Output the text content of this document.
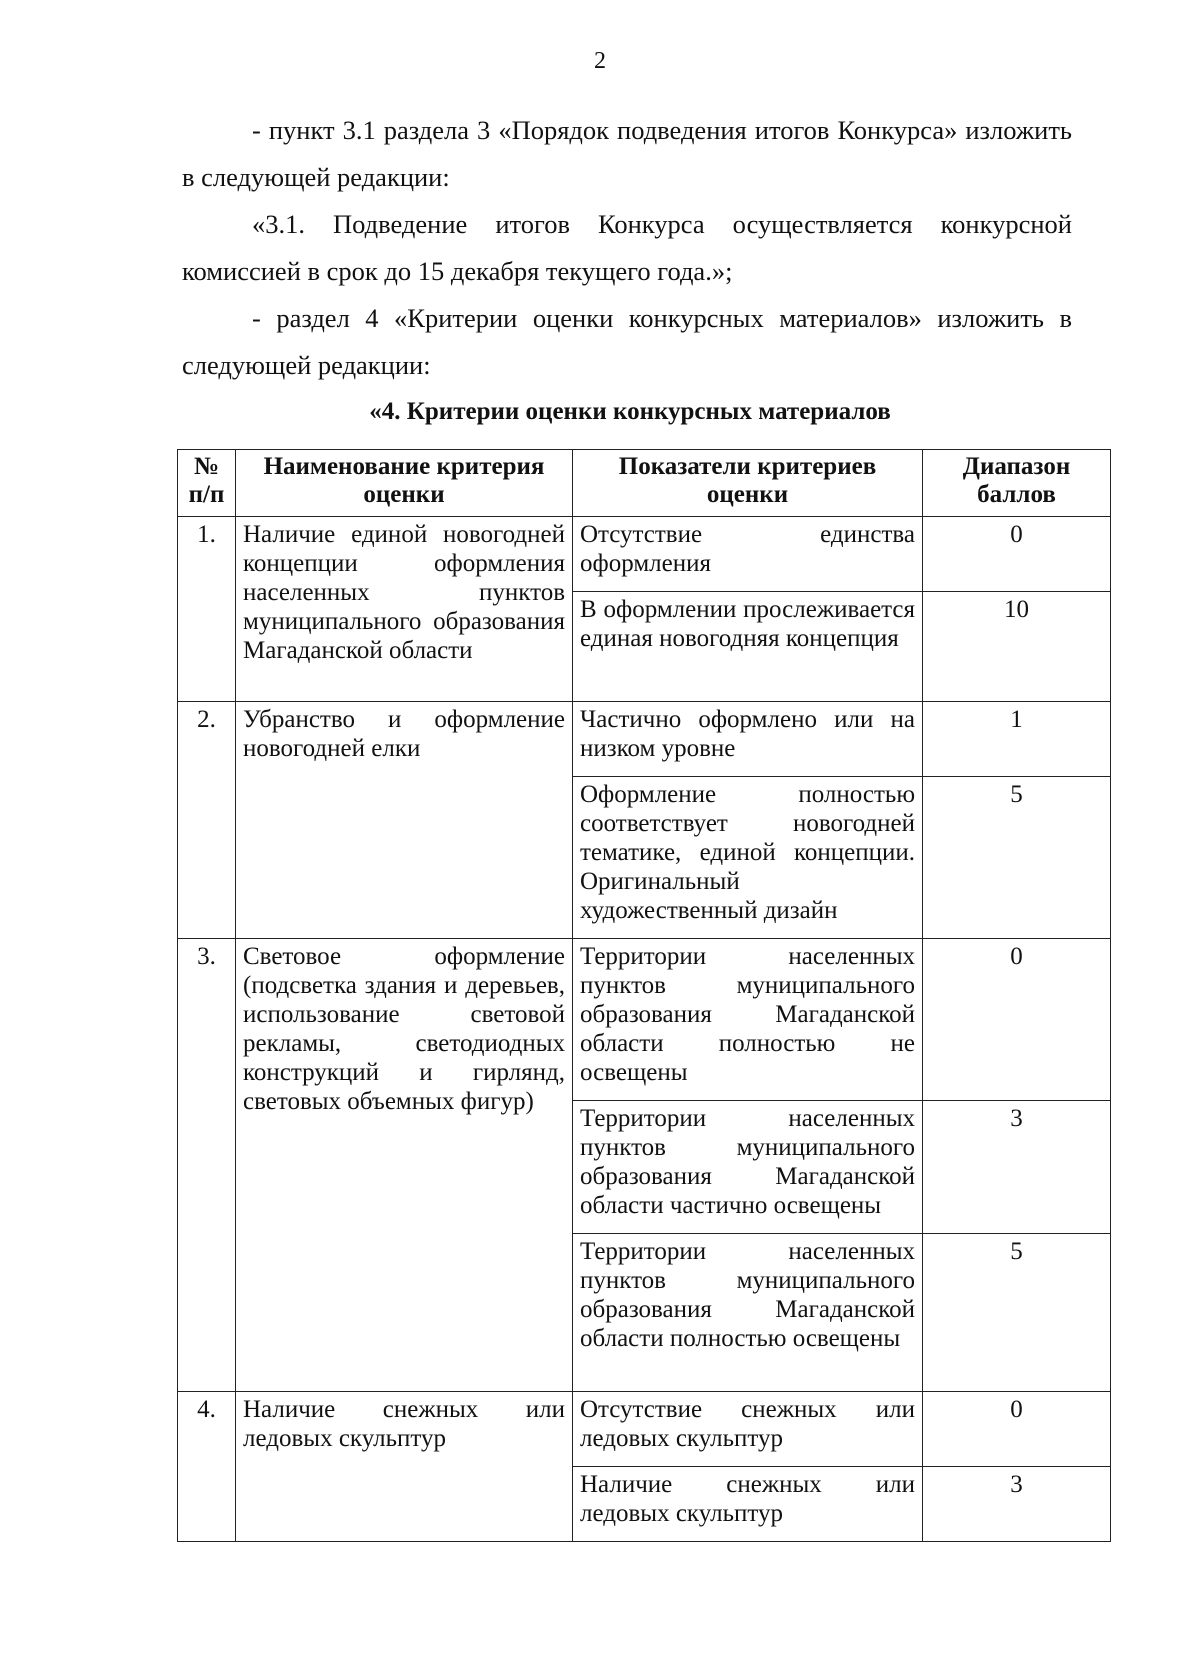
2

- пункт 3.1 раздела 3 «Порядок подведения итогов Конкурса» изложить в следующей редакции:

«3.1. Подведение итогов Конкурса осуществляется конкурсной комиссией в срок до 15 декабря текущего года.»;

- раздел 4 «Критерии оценки конкурсных материалов» изложить в следующей редакции:

«4. Критерии оценки конкурсных материалов
№ п/п	Наименование критерия оценки	Показатели критериев оценки	Диапазон баллов
1.	Наличие единой новогодней концепции оформления населенных пунктов муниципального образования Магаданской области	Отсутствие единства оформления	0
		В оформлении прослеживается единая новогодняя концепция	10
2.	Убранство и оформление новогодней елки	Частично оформлено или на низком уровне	1
		Оформление полностью соответствует новогодней тематике, единой концепции. Оригинальный художественный дизайн	5
3.	Световое оформление (подсветка здания и деревьев, использование световой рекламы, светодиодных конструкций и гирлянд, световых объемных фигур)	Территории населенных пунктов муниципального образования Магаданской области полностью не освещены	0
		Территории населенных пунктов муниципального образования Магаданской области частично освещены	3
		Территории населенных пунктов муниципального образования Магаданской области полностью освещены	5
4.	Наличие снежных или ледовых скульптур	Отсутствие снежных или ледовых скульптур	0
		Наличие снежных или ледовых скульптур	3
